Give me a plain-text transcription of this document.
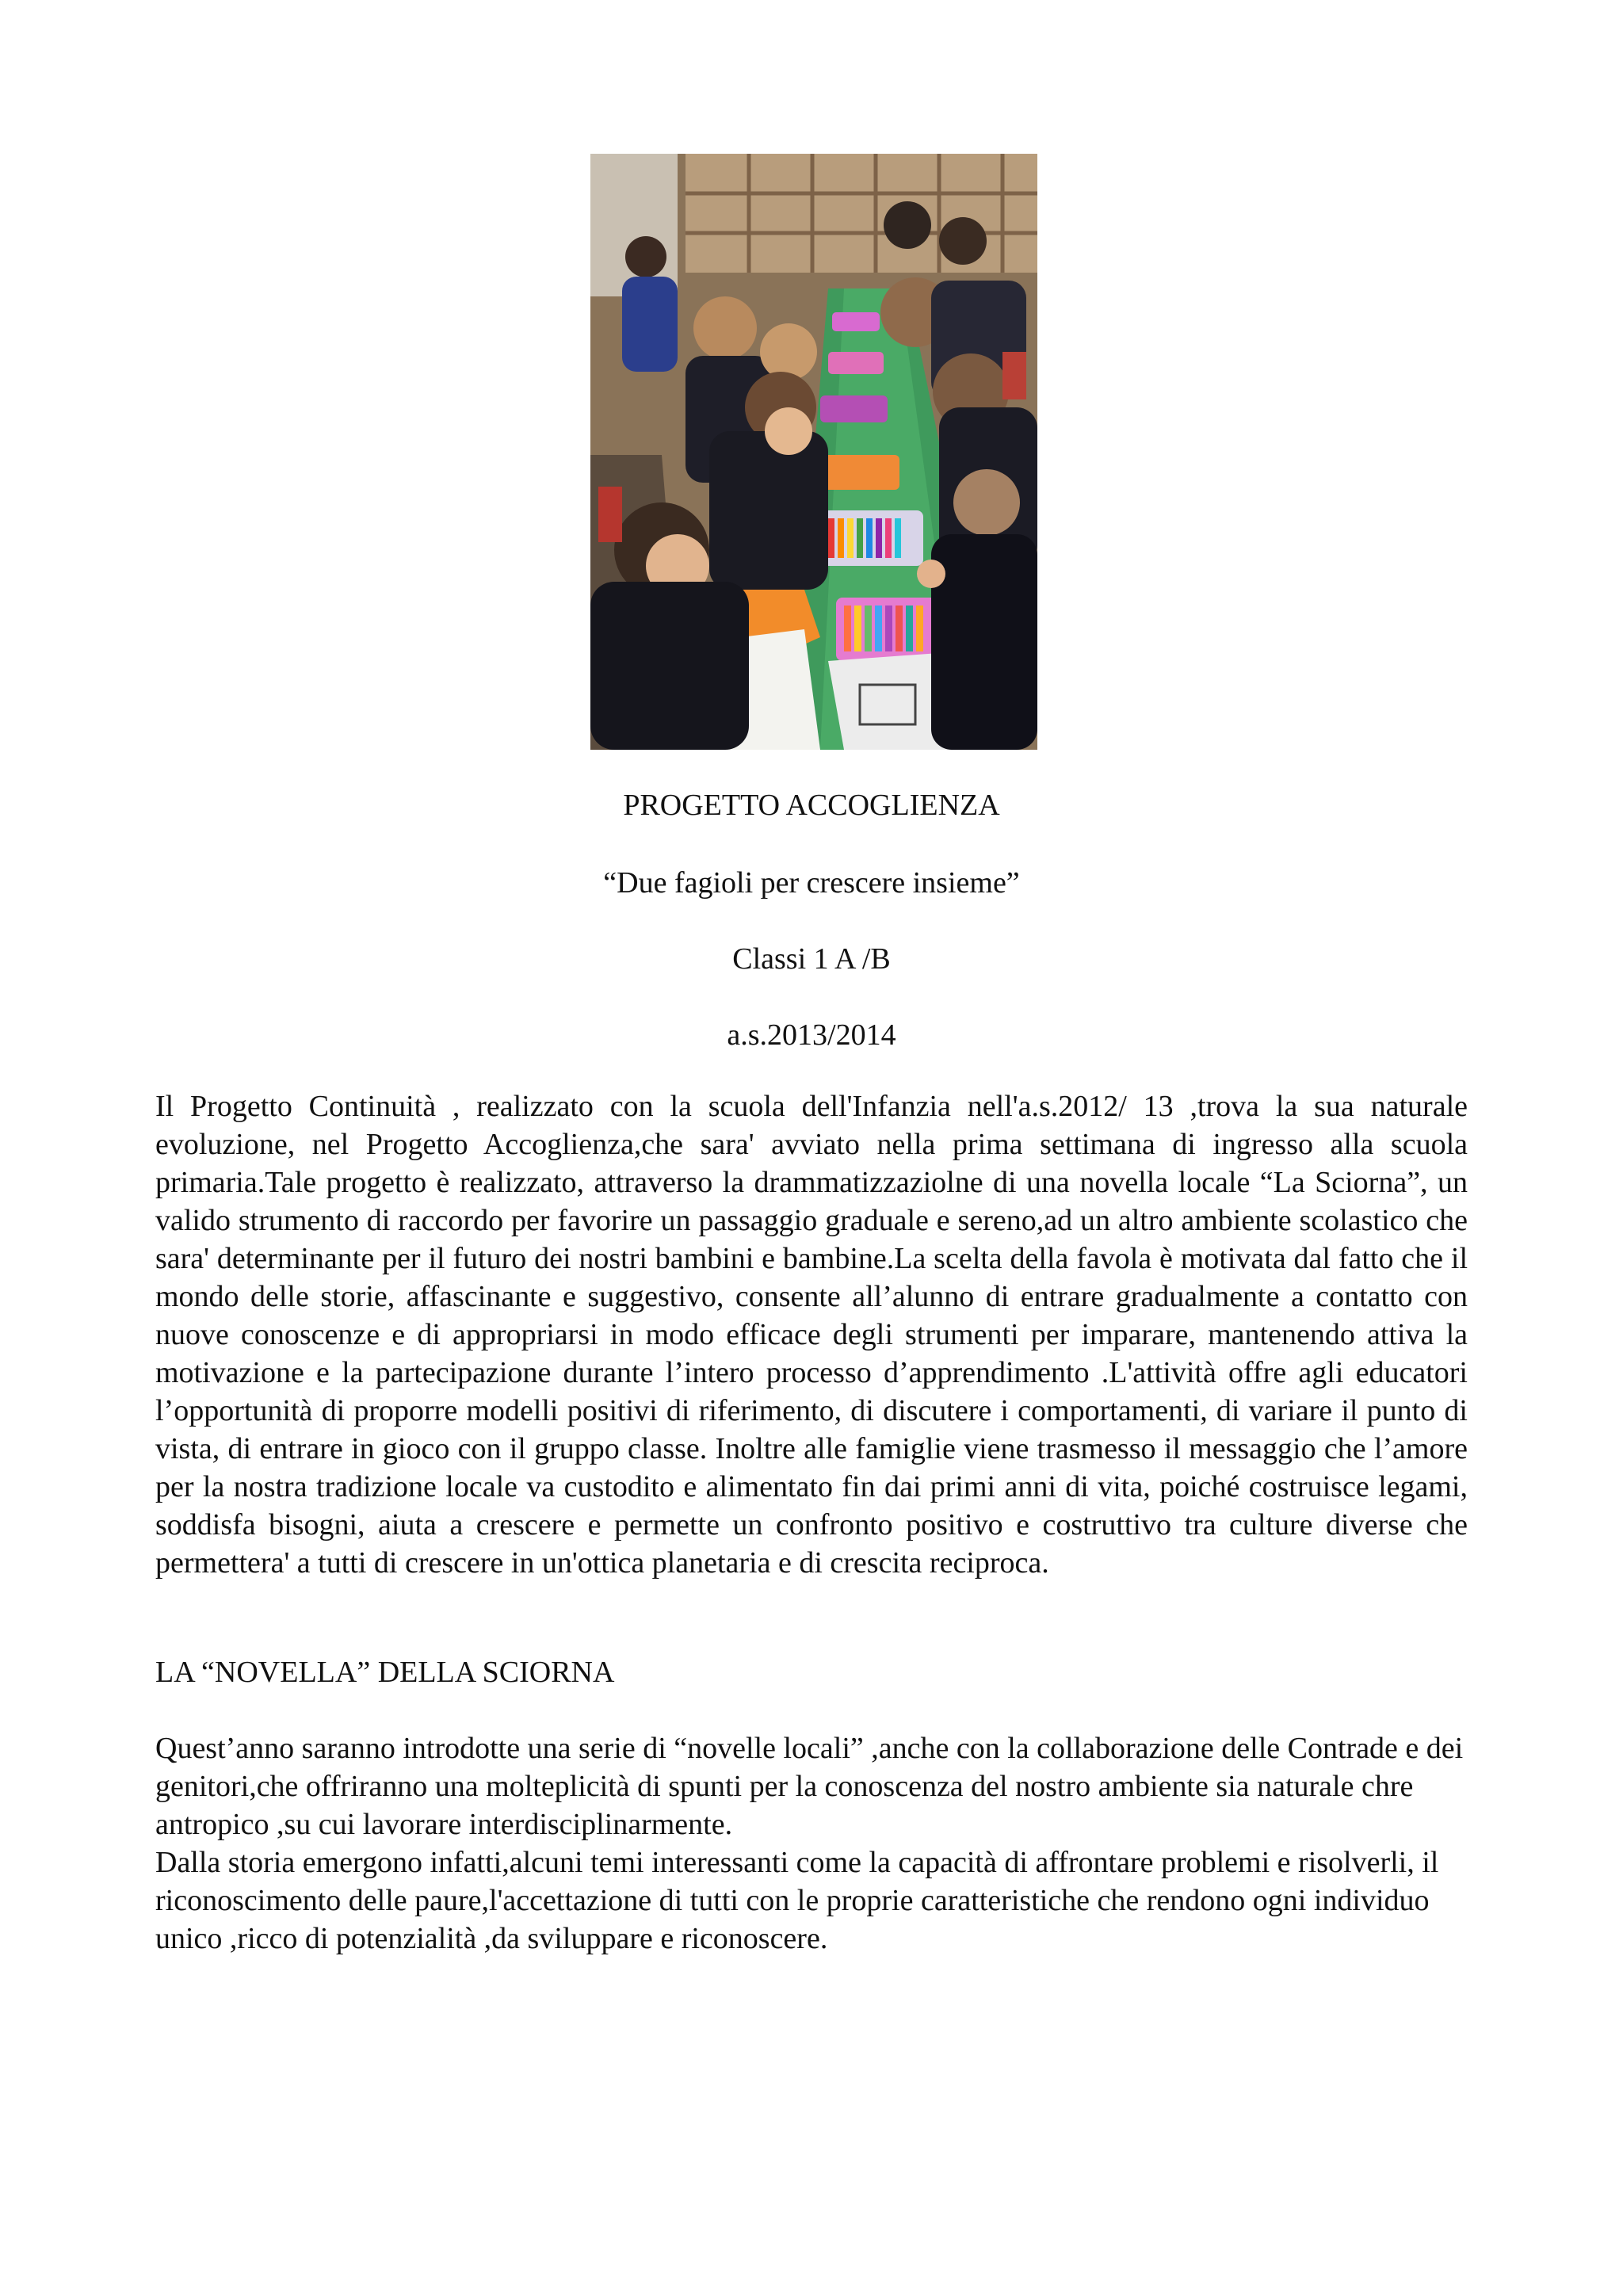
PROGETTO ACCOGLIENZA

“Due fagioli per crescere insieme”

Classi 1 A /B

a.s.2013/2014

Il Progetto Continuità , realizzato con la scuola dell'Infanzia nell'a.s.2012/ 13 ,trova la sua naturale evoluzione, nel Progetto Accoglienza,che sara' avviato nella prima settimana di ingresso alla scuola primaria.Tale progetto è realizzato, attraverso la drammatizzaziolne di una novella locale “La Sciorna”, un valido strumento di raccordo per favorire un passaggio graduale e sereno,ad un altro ambiente scolastico che sara' determinante per il futuro dei nostri bambini e bambine.La scelta della favola è motivata dal fatto che il mondo delle storie, affascinante e suggestivo, consente all’alunno di entrare gradualmente a contatto con nuove conoscenze e di appropriarsi in modo efficace degli strumenti per imparare, mantenendo attiva la motivazione e la partecipazione durante l’intero processo d’apprendimento .L'attività offre agli educatori l’opportunità di proporre modelli positivi di riferimento, di discutere i comportamenti, di variare il punto di vista, di entrare in gioco con il gruppo classe. Inoltre alle famiglie viene trasmesso il messaggio che l’amore per la nostra tradizione locale va custodito e alimentato fin dai primi anni di vita, poiché costruisce legami, soddisfa bisogni, aiuta a crescere e permette un confronto positivo e costruttivo tra culture diverse che permettera' a tutti di crescere in un'ottica planetaria e di crescita reciproca.

LA “NOVELLA” DELLA SCIORNA

Quest’anno saranno introdotte una serie di “novelle locali” ,anche con la collaborazione delle Contrade e dei genitori,che offriranno una molteplicità di spunti per la conoscenza del nostro ambiente sia naturale chre antropico ,su cui lavorare interdisciplinarmente.

Dalla storia emergono infatti,alcuni temi interessanti come la capacità di affrontare problemi e risolverli, il riconoscimento delle paure,l'accettazione di tutti con le proprie caratteristiche che rendono ogni individuo unico ,ricco di potenzialità ,da sviluppare e riconoscere.
